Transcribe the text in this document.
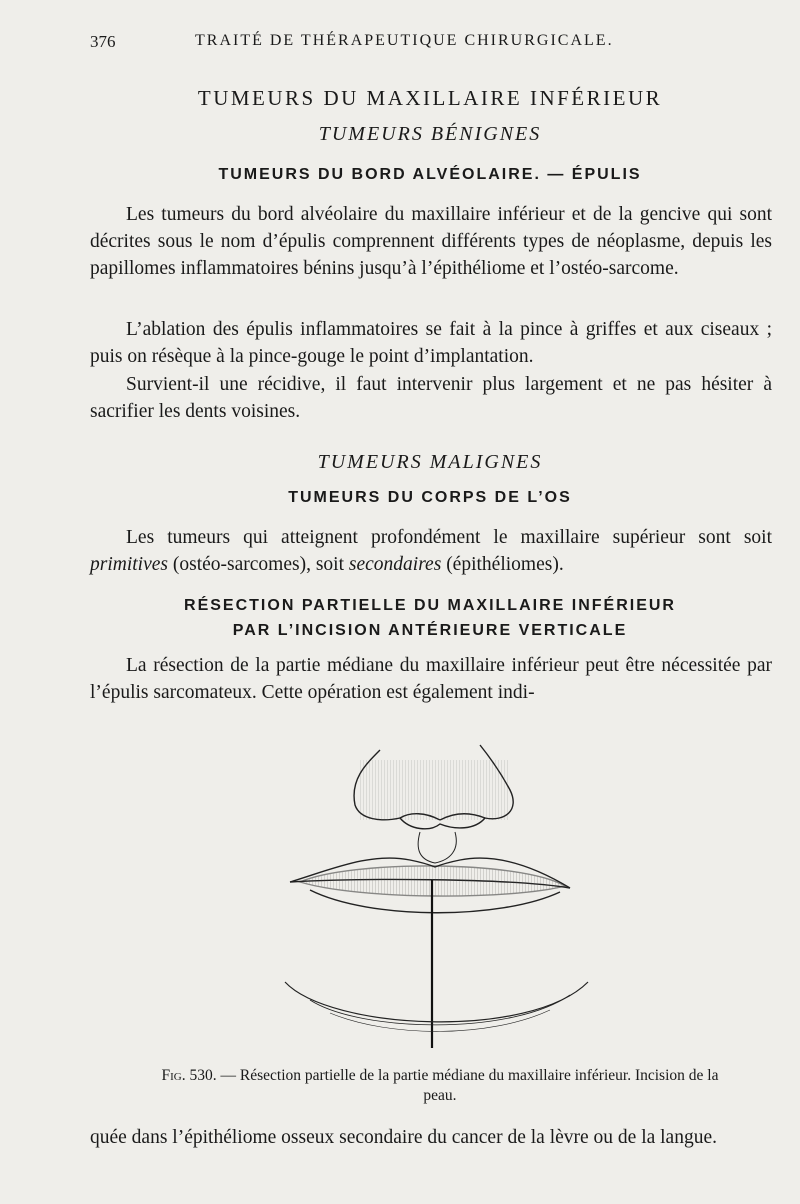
376	TRAITÉ DE THÉRAPEUTIQUE CHIRURGICALE.
TUMEURS DU MAXILLAIRE INFÉRIEUR
TUMEURS BÉNIGNES
TUMEURS DU BORD ALVÉOLAIRE. — ÉPULIS

Les tumeurs du bord alvéolaire du maxillaire inférieur et de la gencive qui sont décrites sous le nom d’épulis comprennent différents types de néoplasme, depuis les papillomes inflammatoires bénins jusqu’à l’épithéliome et l’ostéo-sarcome.

L’ablation des épulis inflammatoires se fait à la pince à griffes et aux ciseaux ; puis on résèque à la pince-gouge le point d’implantation.

Survient-il une récidive, il faut intervenir plus largement et ne pas hésiter à sacrifier les dents voisines.

TUMEURS MALIGNES
TUMEURS DU CORPS DE L’OS

Les tumeurs qui atteignent profondément le maxillaire supérieur sont soit primitives (ostéo-sarcomes), soit secondaires (épithéliomes).

RÉSECTION PARTIELLE DU MAXILLAIRE INFÉRIEUR
PAR L’INCISION ANTÉRIEURE VERTICALE

La résection de la partie médiane du maxillaire inférieur peut être nécessitée par l’épulis sarcomateux. Cette opération est également indi-

Fig. 530. — Résection partielle de la partie médiane du maxillaire inférieur. Incision de la peau.

quée dans l’épithéliome osseux secondaire du cancer de la lèvre ou de la langue.
